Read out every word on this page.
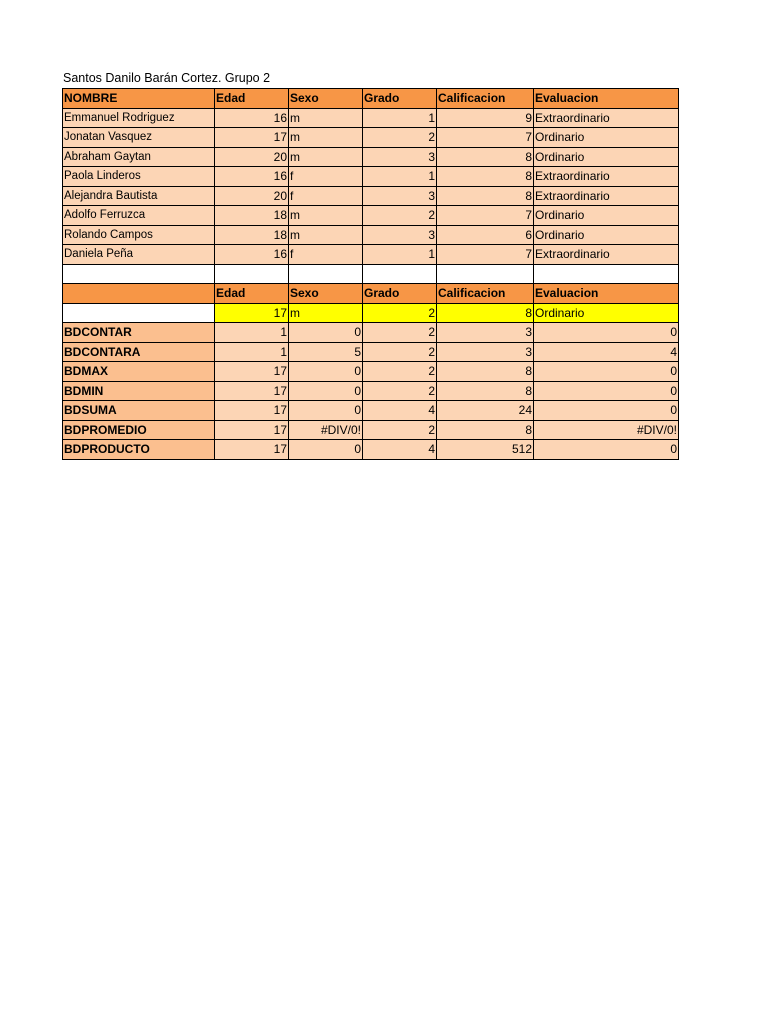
Santos Danilo Barán Cortez. Grupo 2
NOMBRE	Edad	Sexo	Grado	Calificacion	Evaluacion
Emmanuel Rodriguez	16	m	1	9	Extraordinario
Jonatan Vasquez	17	m	2	7	Ordinario
Abraham Gaytan	20	m	3	8	Ordinario
Paola Linderos	16	f	1	8	Extraordinario
Alejandra Bautista	20	f	3	8	Extraordinario
Adolfo Ferruzca	18	m	2	7	Ordinario
Rolando Campos	18	m	3	6	Ordinario
Daniela Peña	16	f	1	7	Extraordinario

	Edad	Sexo	Grado	Calificacion	Evaluacion
	17	m	2	8	Ordinario
BDCONTAR	1	0	2	3	0
BDCONTARA	1	5	2	3	4
BDMAX	17	0	2	8	0
BDMIN	17	0	2	8	0
BDSUMA	17	0	4	24	0
BDPROMEDIO	17	#DIV/0!	2	8	#DIV/0!
BDPRODUCTO	17	0	4	512	0
